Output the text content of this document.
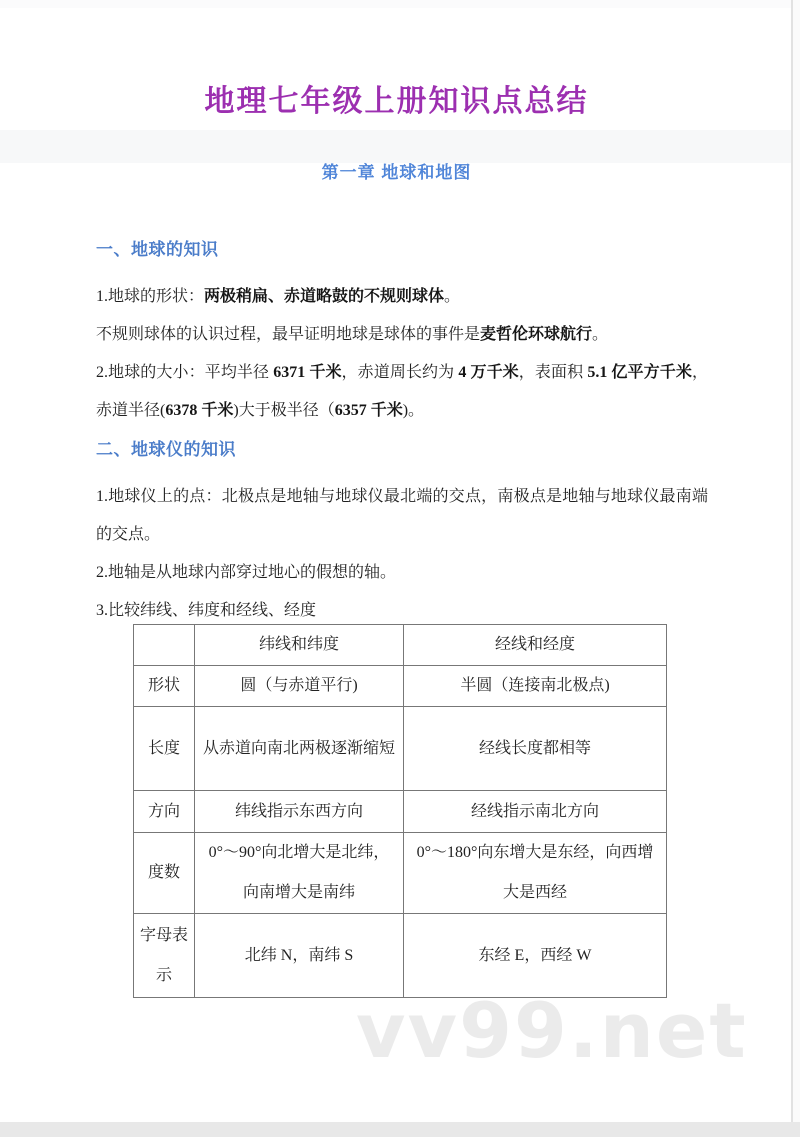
地理七年级上册知识点总结
第一章 地球和地图
一、地球的知识

1.地球的形状：两极稍扁、赤道略鼓的不规则球体。

不规则球体的认识过程，最早证明地球是球体的事件是麦哲伦环球航行。

2.地球的大小：平均半径 6371 千米，赤道周长约为 4 万千米，表面积 5.1 亿平方千米，赤道半径(6378 千米)大于极半径（6357 千米)。

二、地球仪的知识

1.地球仪上的点：北极点是地轴与地球仪最北端的交点，南极点是地轴与地球仪最南端的交点。

2.地轴是从地球内部穿过地心的假想的轴。

3.比较纬线、纬度和经线、经度

	纬线和纬度	经线和经度
形状	圆（与赤道平行)	半圆（连接南北极点)
长度	从赤道向南北两极逐渐缩短	经线长度都相等
方向	纬线指示东西方向	经线指示南北方向
度数	0°～90°向北增大是北纬，向南增大是南纬	0°～180°向东增大是东经，向西增大是西经
字母表示	北纬 N，南纬 S	东经 E，西经 W
vv99.net
